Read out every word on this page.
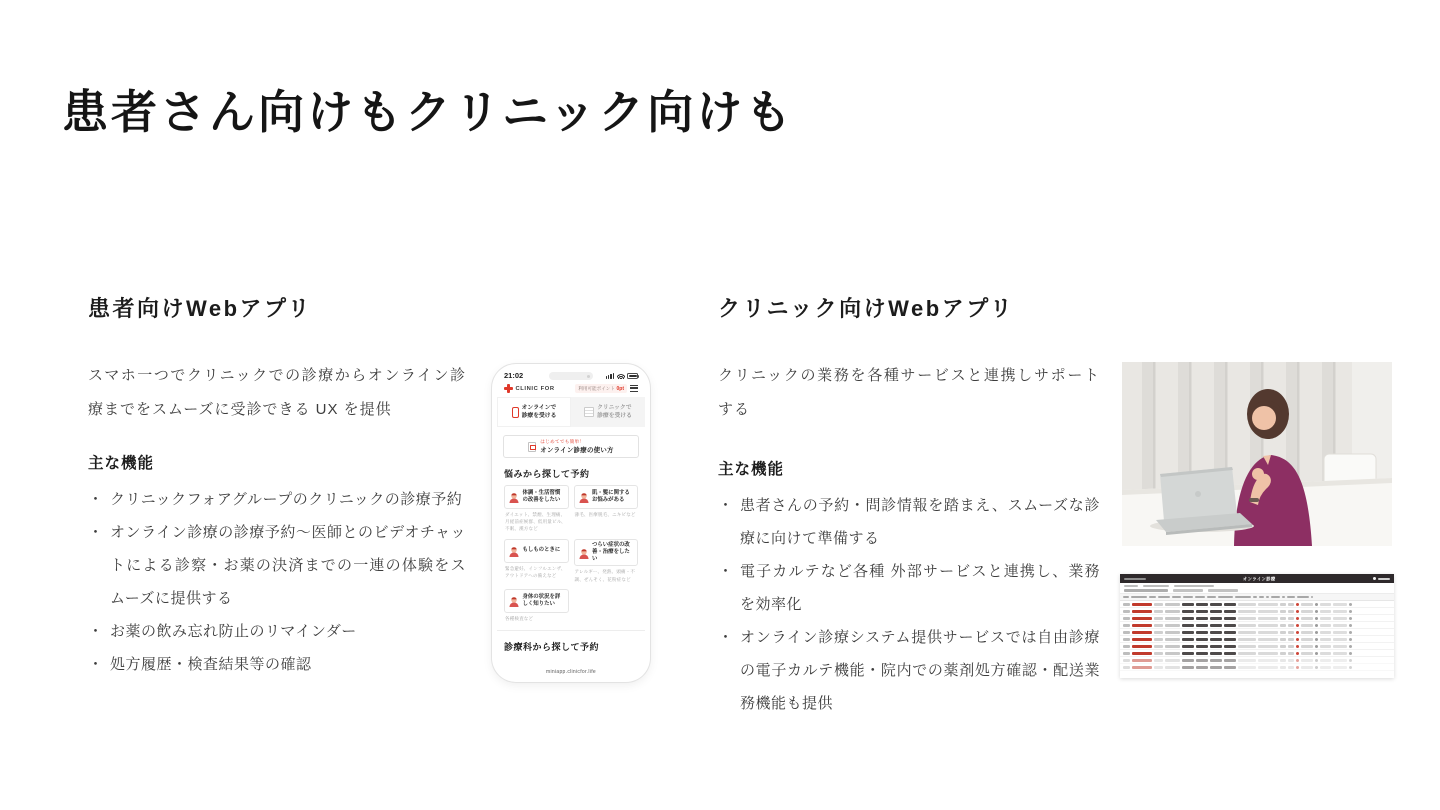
患者さん向けもクリニック向けも
患者向けWebアプリ

スマホ一つでクリニックでの診療からオンライン診療までをスムーズに受診できる UX を提供

主な機能
・ クリニックフォアグループのクリニックの診療予約
・ オンライン診療の診療予約〜医師とのビデオチャットによる診察・お薬の決済までの一連の体験をスムーズに提供する
・ お薬の飲み忘れ防止のリマインダー
・ 処方履歴・検査結果等の確認
クリニック向けWebアプリ

クリニックの業務を各種サービスと連携しサポートする

主な機能
・ 患者さんの予約・問診情報を踏まえ、スムーズな診療に向けて準備する
・ 電子カルテなど各種 外部サービスと連携し、業務を効率化
・ オンライン診療システム提供サービスでは自由診療の電子カルテ機能・院内での薬剤処方確認・配送業務機能も提供
21:02
CLINIC FOR	利用可能ポイント 0pt
オンラインで
診療を受ける
クリニックで
診療を受ける
はじめてでも簡単！
オンライン診療の使い方
悩みから探して予約
体調・生活習慣の改善をしたい

ダイエット、禁煙、生理痛、月経前症候群、低用量ピル、不眠、漢方など

肌・髪に関するお悩みがある

薄毛、医療脱毛、ニキビなど

もしものときに

緊急避妊、インフルエンザ、アウトドアへの備えなど

つらい症状の改善・治療をしたい

アレルギー、発熱、頭痛・不調、ぜんそく、花粉症など

身体の状況を詳しく知りたい

各種検査など

診療科から探して予約
miniapp.clinicfor.life
オンライン診療
